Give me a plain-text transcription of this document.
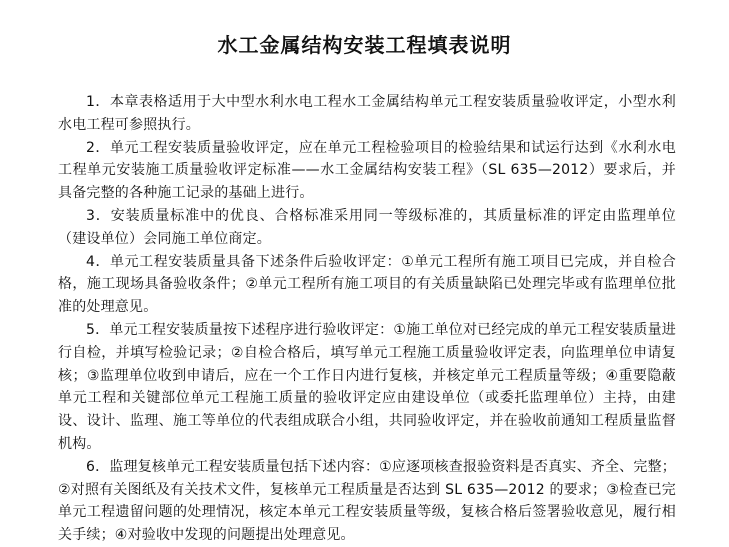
水工金属结构安装工程填表说明

1．本章表格适用于大中型水利水电工程水工金属结构单元工程安装质量验收评定，小型水利水电工程可参照执行。

2．单元工程安装质量验收评定，应在单元工程检验项目的检验结果和试运行达到《水利水电工程单元安装施工质量验收评定标准——水工金属结构安装工程》（SL 635—2012）要求后，并具备完整的各种施工记录的基础上进行。

3．安装质量标准中的优良、合格标准采用同一等级标准的，其质量标准的评定由监理单位（建设单位）会同施工单位商定。

4．单元工程安装质量具备下述条件后验收评定：①单元工程所有施工项目已完成，并自检合格，施工现场具备验收条件；②单元工程所有施工项目的有关质量缺陷已处理完毕或有监理单位批准的处理意见。

5．单元工程安装质量按下述程序进行验收评定：①施工单位对已经完成的单元工程安装质量进行自检，并填写检验记录；②自检合格后，填写单元工程施工质量验收评定表，向监理单位申请复核；③监理单位收到申请后，应在一个工作日内进行复核，并核定单元工程质量等级；④重要隐蔽单元工程和关键部位单元工程施工质量的验收评定应由建设单位（或委托监理单位）主持，由建设、设计、监理、施工等单位的代表组成联合小组，共同验收评定，并在验收前通知工程质量监督机构。

6．监理复核单元工程安装质量包括下述内容：①应逐项核查报验资料是否真实、齐全、完整；②对照有关图纸及有关技术文件，复核单元工程质量是否达到 SL 635—2012 的要求；③检查已完单元工程遗留问题的处理情况，核定本单元工程安装质量等级，复核合格后签署验收意见，履行相关手续；④对验收中发现的问题提出处理意见。
